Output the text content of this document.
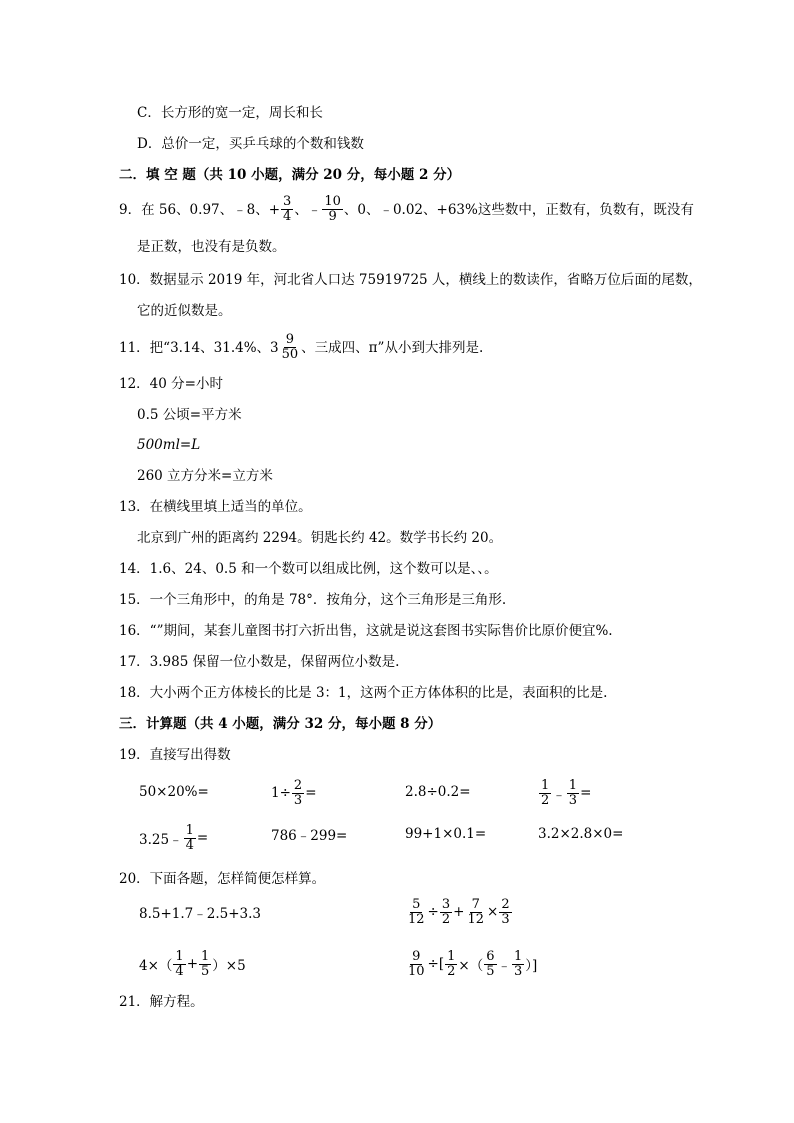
C．长方形的宽一定，周长和长
D．总价一定，买乒乓球的个数和钱数
二．填 空 题（共 10 小题，满分 20 分，每小题 2 分）
9．在 56、0.97、﹣8、+ $\frac{3}{4}$ 、﹣ $\frac{10}{9}$ 、0、﹣0.02、+63%这些数中，正数有，负数有，既没有
是正数，也没有是负数。
10．数据显示 2019 年，河北省人口达 75919725 人，横线上的数读作，省略万位后面的尾数，
它的近似数是。
11．把“3.14、31.4%、$3 \frac{9}{50}$ 、三成四、π”从小到大排列是.
12．40 分=小时
0.5 公顷=平方米
500ml=L
260 立方分米=立方米
13．在横线里填上适当的单位。
北京到广州的距离约 2294。钥匙长约 42。数学书长约 20。
14．1.6、24、0.5 和一个数可以组成比例，这个数可以是、、。
15．一个三角形中，的角是 78°．按角分，这个三角形是三角形.
16．“”期间，某套儿童图书打六折出售，这就是说这套图书实际售价比原价便宜%.
17．3.985 保留一位小数是，保留两位小数是.
18．大小两个正方体棱长的比是 3：1，这两个正方体体积的比是，表面积的比是.
三．计算题（共 4 小题，满分 32 分，每小题 8 分）
19．直接写出得数
50×20%=	$1\div \frac{2}{3}$ =	2.8÷0.2=	$\frac{1}{2}$ ﹣ $\frac{1}{3}$ =
3.25﹣ $\frac{1}{4}$ =	786﹣299=	99+1×0.1=	3.2×2.8×0=
20．下面各题，怎样简便怎样算。
8.5+1.7﹣2.5+3.3	$\frac{5}{12} \div \frac{3}{2} + \frac{7}{12} \times \frac{2}{3}$
$4\times( \frac{1}{4} + \frac{1}{5} )\times 5$	$\frac{9}{10}$ ÷[ $\frac{1}{2}$ ×（ $\frac{6}{5}$ ﹣ $\frac{1}{3}$ ）]
21．解方程。
